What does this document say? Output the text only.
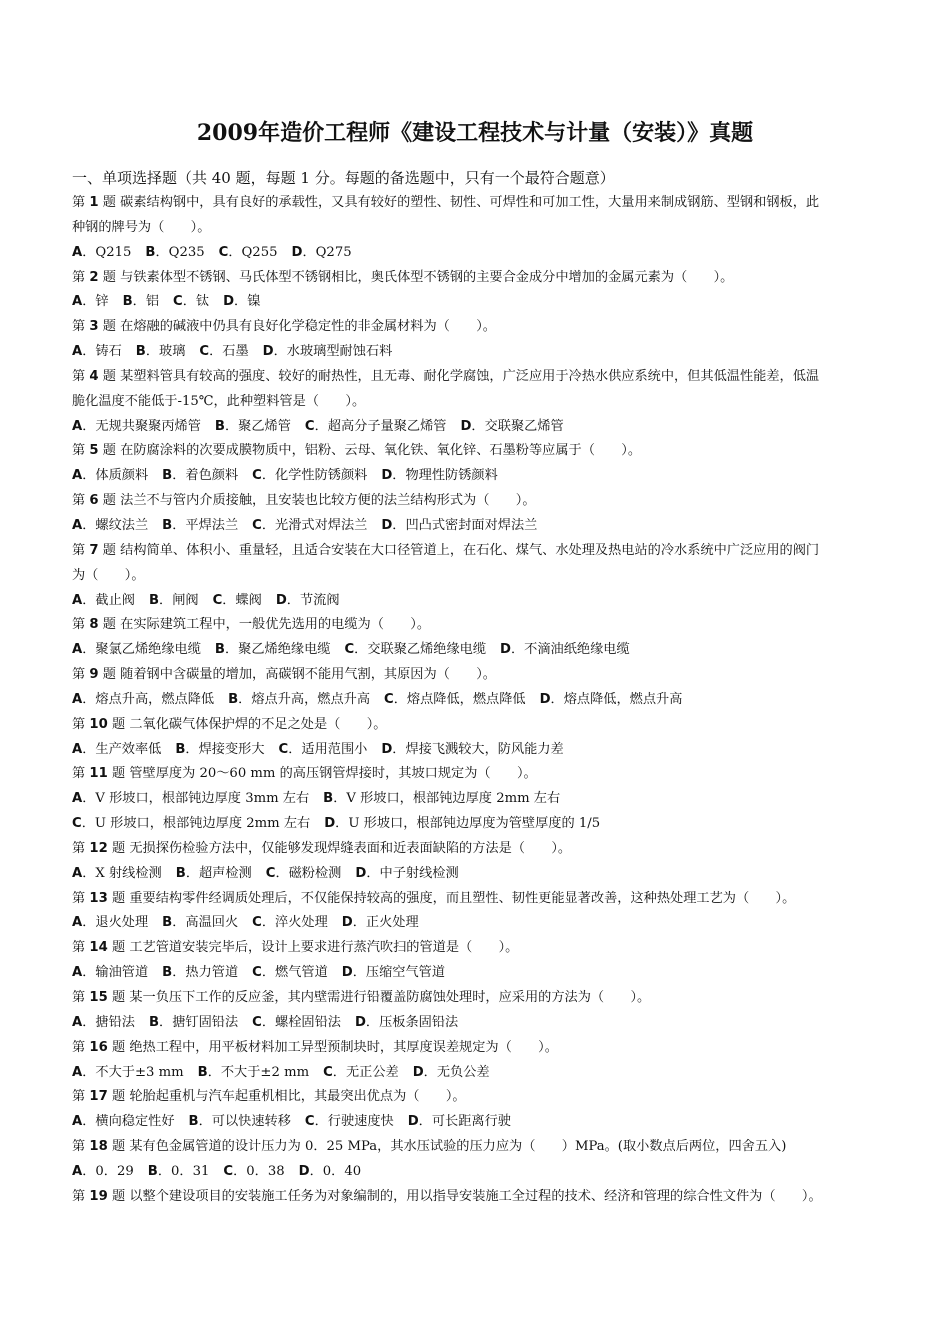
2009年造价工程师《建设工程技术与计量（安装）》真题
一、单项选择题（共 40 题，每题 1 分。每题的备选题中，只有一个最符合题意）
第 1 题 碳素结构钢中，具有良好的承载性，又具有较好的塑性、韧性、可焊性和可加工性，大量用来制成钢筋、型钢和钢板，此
种钢的牌号为（　　）。
A．Q215 B．Q235 C．Q255 D．Q275
第 2 题 与铁素体型不锈钢、马氏体型不锈钢相比，奥氏体型不锈钢的主要合金成分中增加的金属元素为（　　）。
A．锌 B．铝 C．钛 D．镍
第 3 题 在熔融的碱液中仍具有良好化学稳定性的非金属材料为（　　）。
A．铸石 B．玻璃 C．石墨 D．水玻璃型耐蚀石料
第 4 题 某塑料管具有较高的强度、较好的耐热性，且无毒、耐化学腐蚀，广泛应用于冷热水供应系统中，但其低温性能差，低温
脆化温度不能低于-15℃，此种塑料管是（　　）。
A．无规共聚聚丙烯管 B．聚乙烯管 C．超高分子量聚乙烯管 D．交联聚乙烯管
第 5 题 在防腐涂料的次要成膜物质中，铝粉、云母、氧化铁、氧化锌、石墨粉等应属于（　　）。
A．体质颜料 B．着色颜料 C．化学性防锈颜料 D．物理性防锈颜料
第 6 题 法兰不与管内介质接触，且安装也比较方便的法兰结构形式为（　　）。
A．螺纹法兰 B．平焊法兰 C．光滑式对焊法兰 D．凹凸式密封面对焊法兰
第 7 题 结构简单、体积小、重量轻，且适合安装在大口径管道上，在石化、煤气、水处理及热电站的冷水系统中广泛应用的阀门
为（　　）。
A．截止阀 B．闸阀 C．蝶阀 D．节流阀
第 8 题 在实际建筑工程中，一般优先选用的电缆为（　　）。
A．聚氯乙烯绝缘电缆 B．聚乙烯绝缘电缆 C．交联聚乙烯绝缘电缆 D．不滴油纸绝缘电缆
第 9 题 随着钢中含碳量的增加，高碳钢不能用气割，其原因为（　　）。
A．熔点升高，燃点降低 B．熔点升高，燃点升高 C．熔点降低，燃点降低 D．熔点降低，燃点升高
第 10 题 二氧化碳气体保护焊的不足之处是（　　）。
A．生产效率低 B．焊接变形大 C．适用范围小 D．焊接飞溅较大，防风能力差
第 11 题 管壁厚度为 20～60 mm 的高压钢管焊接时，其坡口规定为（　　）。
A．V 形坡口，根部钝边厚度 3mm 左右 B．V 形坡口，根部钝边厚度 2mm 左右
C．U 形坡口，根部钝边厚度 2mm 左右 D．U 形坡口，根部钝边厚度为管壁厚度的 1/5
第 12 题 无损探伤检验方法中，仅能够发现焊缝表面和近表面缺陷的方法是（　　）。
A．X 射线检测 B．超声检测 C．磁粉检测 D．中子射线检测
第 13 题 重要结构零件经调质处理后，不仅能保持较高的强度，而且塑性、韧性更能显著改善，这种热处理工艺为（　　）。
A．退火处理 B．高温回火 C．淬火处理 D．正火处理
第 14 题 工艺管道安装完毕后，设计上要求进行蒸汽吹扫的管道是（　　）。
A．输油管道 B．热力管道 C．燃气管道 D．压缩空气管道
第 15 题 某一负压下工作的反应釜，其内壁需进行铅覆盖防腐蚀处理时，应采用的方法为（　　）。
A．搪铅法 B．搪钉固铅法 C．螺栓固铅法 D．压板条固铅法
第 16 题 绝热工程中，用平板材料加工异型预制块时，其厚度误差规定为（　　）。
A．不大于±3 mm B．不大于±2 mm C．无正公差 D．无负公差
第 17 题 轮胎起重机与汽车起重机相比，其最突出优点为（　　）。
A．横向稳定性好 B．可以快速转移 C．行驶速度快 D．可长距离行驶
第 18 题 某有色金属管道的设计压力为 0．25 MPa，其水压试验的压力应为（　　）MPa。(取小数点后两位，四舍五入)
A．0．29 B．0．31 C．0．38 D．0．40
第 19 题 以整个建设项目的安装施工任务为对象编制的，用以指导安装施工全过程的技术、经济和管理的综合性文件为（　　）。
